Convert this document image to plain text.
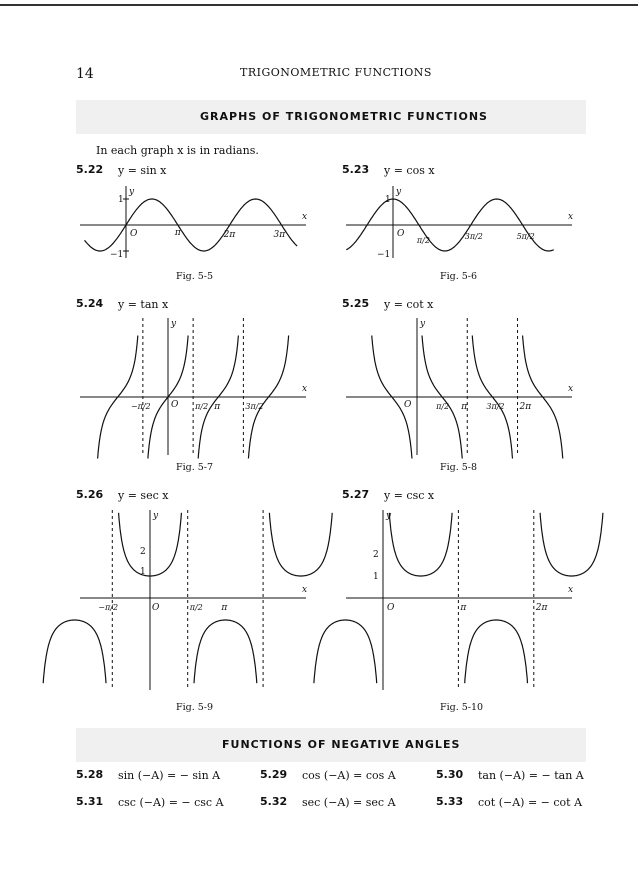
14	TRIGONOMETRIC FUNCTIONS
GRAPHS OF TRIGONOMETRIC FUNCTIONS
In each graph x is in radians.
5.22 y = sin x	5.23 y = cos x
5.24 y = tan x	5.25 y = cot x
5.26 y = sec x	5.27 y = csc x
x
y
O
1
−1
π	2π	3π
x
y
O
1
−1
π/2	3π/2	5π/2
x
y
O
−π/2	π/2 π	3π/2
x
y
O	π/2 π 3π/2 2π
x
y
O
1
2
−π/2	π/2 π
x
y
O
1
2
π	2π
Fig. 5-5	Fig. 5-6
Fig. 5-7	Fig. 5-8
Fig. 5-9	Fig. 5-10
FUNCTIONS OF NEGATIVE ANGLES
5.28 sin (−A) = − sin A	5.29 cos (−A) = cos A	5.30 tan (−A) = − tan A
5.31 csc (−A) = − csc A	5.32 sec (−A) = sec A	5.33 cot (−A) = − cot A
